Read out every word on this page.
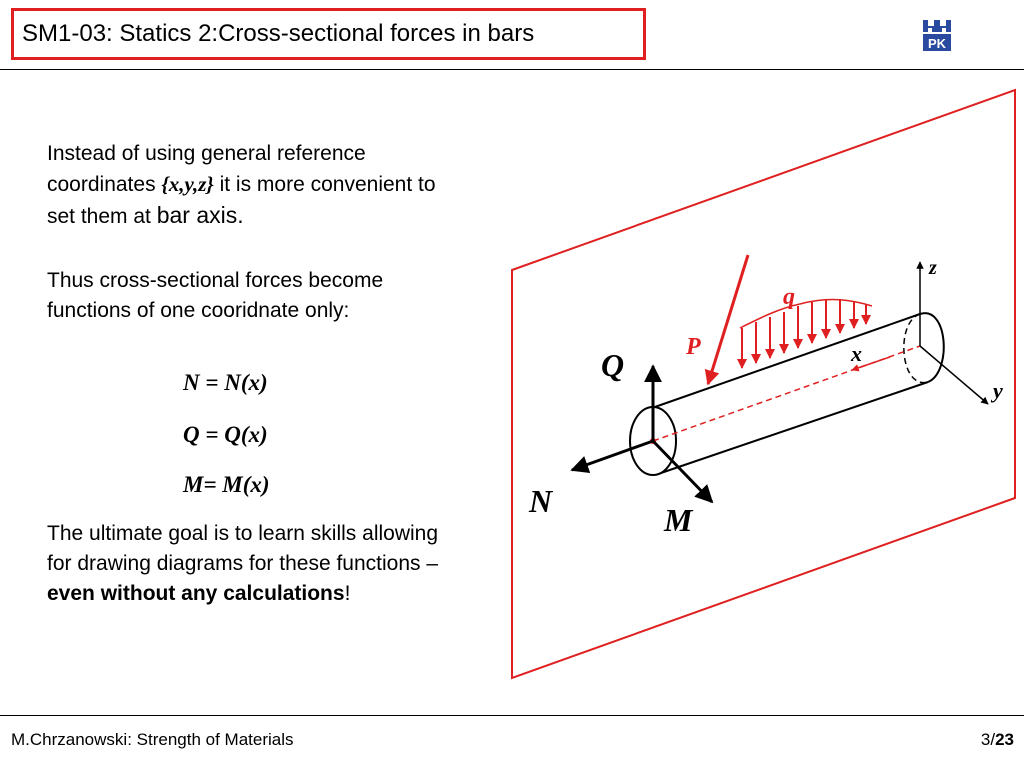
SM1-03: Statics 2:Cross-sectional forces in bars	PK
Instead of using general reference coordinates {x,y,z} it is more convenient to set them at bar axis.
Thus cross-sectional forces become functions of one cooridnate only:
N = N(x)
Q = Q(x)
M= M(x)
The ultimate goal is to learn skills allowing for drawing diagrams for these functions – even without any calculations!
z
y
x
q
P
Q
N
M
M.Chrzanowski: Strength of Materials	3/23
